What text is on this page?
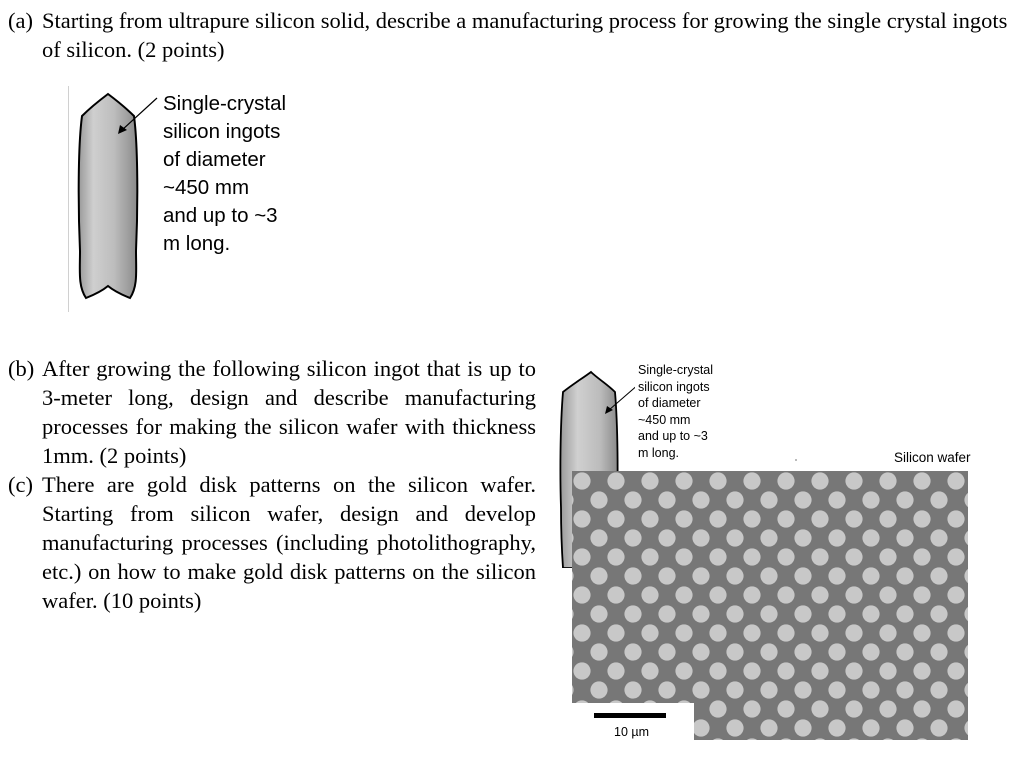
(a) Starting from ultrapure silicon solid, describe a manufacturing process for growing the single crystal ingots of silicon. (2 points)
Single-crystal
silicon ingots
of diameter
~450 mm
and up to ~3
m long.
(b) After growing the following silicon ingot that is up to 3-meter long, design and describe manufacturing processes for making the silicon wafer with thickness 1mm. (2 points)
(c) There are gold disk patterns on the silicon wafer. Starting from silicon wafer, design and develop manufacturing processes (including photolithography, etc.) on how to make gold disk patterns on the silicon wafer. (10 points)
Single-crystal
silicon ingots
of diameter
~450 mm
and up to ~3
m long.	Silicon wafer
10 µm
